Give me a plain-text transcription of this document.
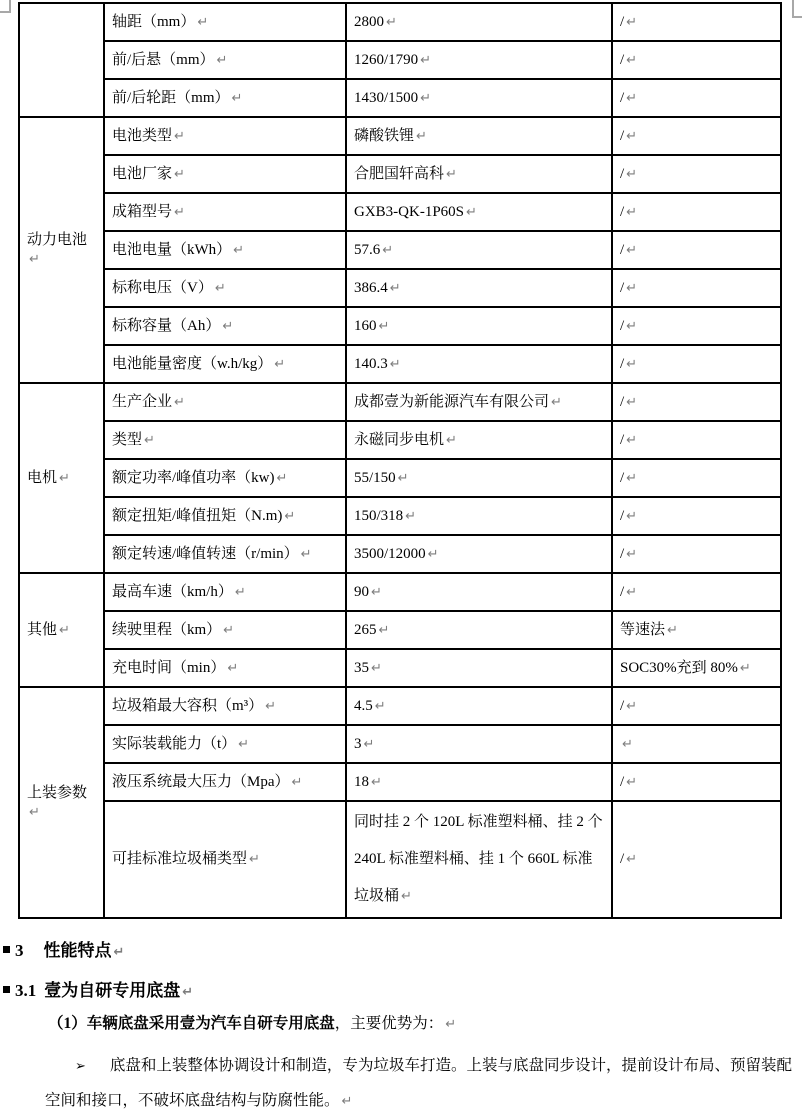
	轴距（mm） ↵	2800 ↵	/ ↵
	前/后悬（mm） ↵	1260/1790 ↵	/ ↵
	前/后轮距（mm） ↵	1430/1500 ↵	/ ↵
动力电池↵	电池类型 ↵	磷酸铁锂 ↵	/ ↵
	电池厂家 ↵	合肥国轩高科 ↵	/ ↵
	成箱型号 ↵	GXB3-QK-1P60S ↵	/ ↵
	电池电量（kWh） ↵	57.6 ↵	/ ↵
	标称电压（V） ↵	386.4 ↵	/ ↵
	标称容量（Ah） ↵	160 ↵	/ ↵
	电池能量密度（w.h/kg） ↵	140.3 ↵	/ ↵
电机 ↵	生产企业 ↵	成都壹为新能源汽车有限公司 ↵	/ ↵
	类型 ↵	永磁同步电机 ↵	/ ↵
	额定功率/峰值功率（kw) ↵	55/150 ↵	/ ↵
	额定扭矩/峰值扭矩（N.m) ↵	150/318 ↵	/ ↵
	额定转速/峰值转速（r/min） ↵	3500/12000 ↵	/ ↵
其他 ↵	最高车速（km/h） ↵	90 ↵	/ ↵
	续驶里程（km） ↵	265 ↵	等速法 ↵
	充电时间（min） ↵	35 ↵	SOC30%充到 80% ↵
上装参数↵	垃圾箱最大容积（m³） ↵	4.5 ↵	/ ↵
	实际装载能力（t） ↵	3 ↵	↵
	液压系统最大压力（Mpa） ↵	18 ↵	/ ↵
	可挂标准垃圾桶类型 ↵	同时挂 2 个 120L 标准塑料桶、挂 2 个 240L 标准塑料桶、挂 1 个 660L 标准垃圾桶 ↵	/ ↵
3 性能特点 ↵
3.1 壹为自研专用底盘 ↵
（1）车辆底盘采用壹为汽车自研专用底盘，主要优势为： ↵
➢ 底盘和上装整体协调设计和制造，专为垃圾车打造。上装与底盘同步设计，提前设计布局、预留装配空间和接口，不破坏底盘结构与防腐性能。 ↵
